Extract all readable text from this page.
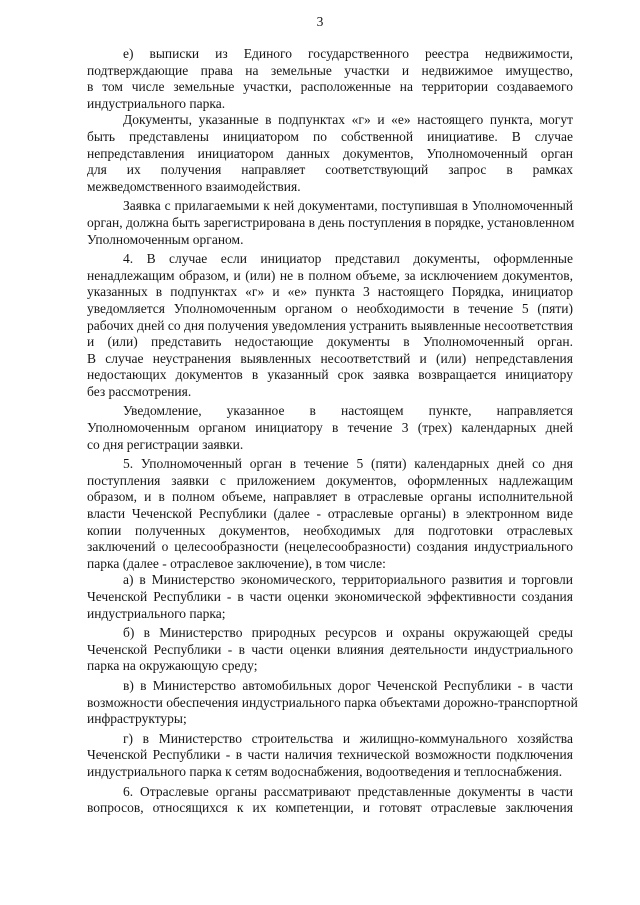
3
е) выписки из Единого государственного реестра недвижимости,
подтверждающие права на земельные участки и недвижимое имущество,
в том числе земельные участки, расположенные на территории создаваемого
индустриального парка.
Документы, указанные в подпунктах «г» и «е» настоящего пункта, могут
быть представлены инициатором по собственной инициативе. В случае
непредставления инициатором данных документов, Уполномоченный орган
для их получения направляет соответствующий запрос в рамках
межведомственного взаимодействия.
Заявка с прилагаемыми к ней документами, поступившая в Уполномоченный
орган, должна быть зарегистрирована в день поступления в порядке, установленном
Уполномоченным органом.
4. В случае если инициатор представил документы, оформленные
ненадлежащим образом, и (или) не в полном объеме, за исключением документов,
указанных в подпунктах «г» и «е» пункта 3 настоящего Порядка, инициатор
уведомляется Уполномоченным органом о необходимости в течение 5 (пяти)
рабочих дней со дня получения уведомления устранить выявленные несоответствия
и (или) представить недостающие документы в Уполномоченный орган.
В случае неустранения выявленных несоответствий и (или) непредставления
недостающих документов в указанный срок заявка возвращается инициатору
без рассмотрения.
Уведомление, указанное в настоящем пункте, направляется
Уполномоченным органом инициатору в течение 3 (трех) календарных дней
со дня регистрации заявки.
5. Уполномоченный орган в течение 5 (пяти) календарных дней со дня
поступления заявки с приложением документов, оформленных надлежащим
образом, и в полном объеме, направляет в отраслевые органы исполнительной
власти Чеченской Республики (далее - отраслевые органы) в электронном виде
копии полученных документов, необходимых для подготовки отраслевых
заключений о целесообразности (нецелесообразности) создания индустриального
парка (далее - отраслевое заключение), в том числе:
а) в Министерство экономического, территориального развития и торговли
Чеченской Республики - в части оценки экономической эффективности создания
индустриального парка;
б) в Министерство природных ресурсов и охраны окружающей среды
Чеченской Республики - в части оценки влияния деятельности индустриального
парка на окружающую среду;
в) в Министерство автомобильных дорог Чеченской Республики - в части
возможности обеспечения индустриального парка объектами дорожно-транспортной
инфраструктуры;
г) в Министерство строительства и жилищно-коммунального хозяйства
Чеченской Республики - в части наличия технической возможности подключения
индустриального парка к сетям водоснабжения, водоотведения и теплоснабжения.
6. Отраслевые органы рассматривают представленные документы в части
вопросов, относящихся к их компетенции, и готовят отраслевые заключения
